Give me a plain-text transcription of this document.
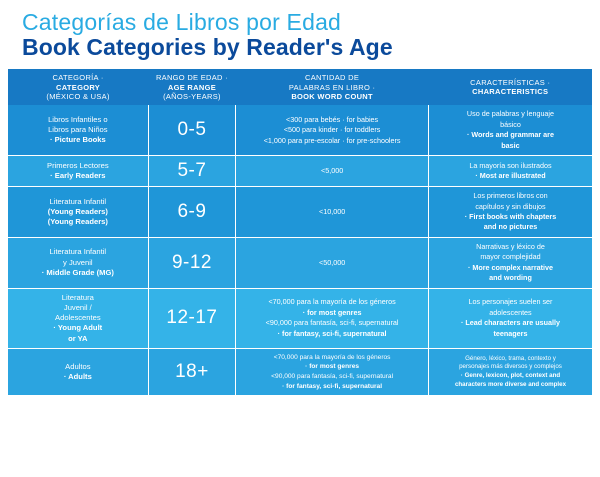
Categorías de Libros por Edad
Book Categories by Reader's Age
CATEGORÍA ·
CATEGORY
(MÉXICO & USA)	RANGO DE EDAD ·
AGE RANGE
(AÑOS-YEARS)	CANTIDAD DE
PALABRAS EN LIBRO ·
BOOK WORD COUNT	CARACTERÍSTICAS ·
CHARACTERISTICS

Libros Infantiles o
Libros para Niños
· Picture Books	0-5	<300 para bebés · for babies
<500 para kinder · for toddlers
<1,000 para pre-escolar · for pre-schoolers	Uso de palabras y lenguaje
básico
· Words and grammar are
basic

Primeros Lectores
· Early Readers	5-7	<5,000	La mayoría son ilustrados
· Most are illustrated

Literatura Infantil
(Young Readers)
(Young Readers)	6-9	<10,000	Los primeros libros con
capítulos y sin dibujos
· First books with chapters
and no pictures

Literatura Infantil
y Juvenil
· Middle Grade (MG)	9-12	<50,000	Narrativas y léxico de
mayor complejidad
· More complex narrative
and wording

Literatura
Juvenil /
Adolescentes
· Young Adult
or YA	12-17	<70,000 para la mayoría de los géneros
· for most genres
<90,000 para fantasía, sci-fi, supernatural
· for fantasy, sci-fi, supernatural	Los personajes suelen ser
adolescentes
· Lead characters are usually
teenagers

Adultos
· Adults	18+	<70,000 para la mayoría de los géneros
· for most genres
<90,000 para fantasía, sci-fi, supernatural
· for fantasy, sci-fi, supernatural	Género, léxico, trama, contexto y
personajes más diversos y complejos
· Genre, lexicon, plot, context and
characters more diverse and complex
